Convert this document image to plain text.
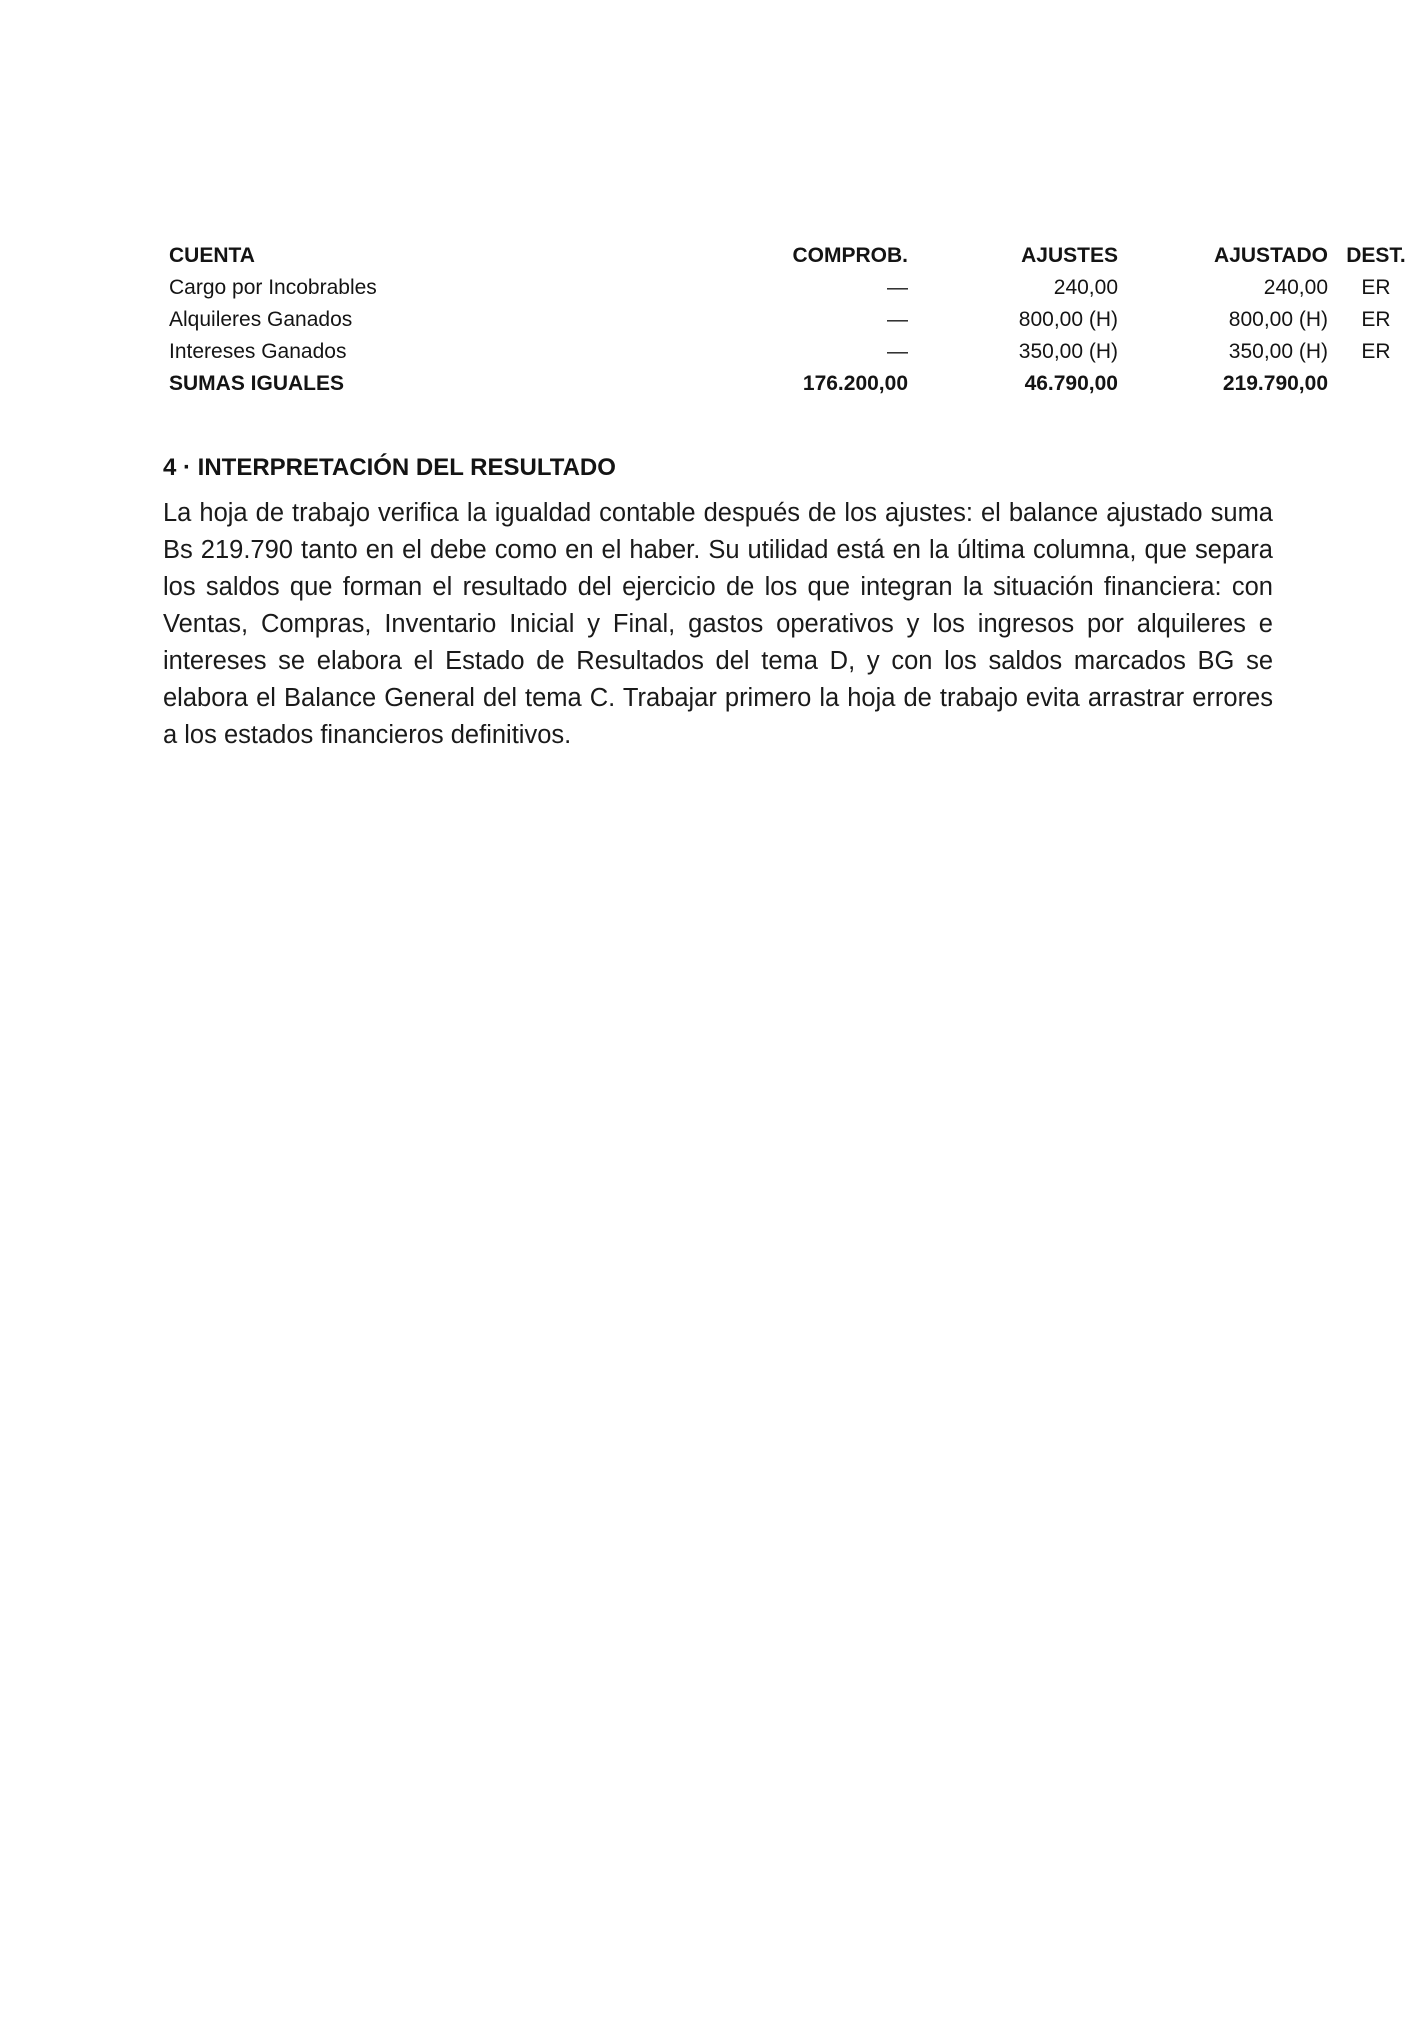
CUENTA	COMPROB.	AJUSTES	AJUSTADO	DEST.
Cargo por Incobrables	—	240,00	240,00	ER
Alquileres Ganados	—	800,00 (H)	800,00 (H)	ER
Intereses Ganados	—	350,00 (H)	350,00 (H)	ER
SUMAS IGUALES	176.200,00	46.790,00	219.790,00	
4 · INTERPRETACIÓN DEL RESULTADO

La hoja de trabajo verifica la igualdad contable después de los ajustes: el balance ajustado suma Bs 219.790 tanto en el debe como en el haber. Su utilidad está en la última columna, que separa los saldos que forman el resultado del ejercicio de los que integran la situación financiera: con Ventas, Compras, Inventario Inicial y Final, gastos operativos y los ingresos por alquileres e intereses se elabora el Estado de Resultados del tema D, y con los saldos marcados BG se elabora el Balance General del tema C. Trabajar primero la hoja de trabajo evita arrastrar errores a los estados financieros definitivos.
